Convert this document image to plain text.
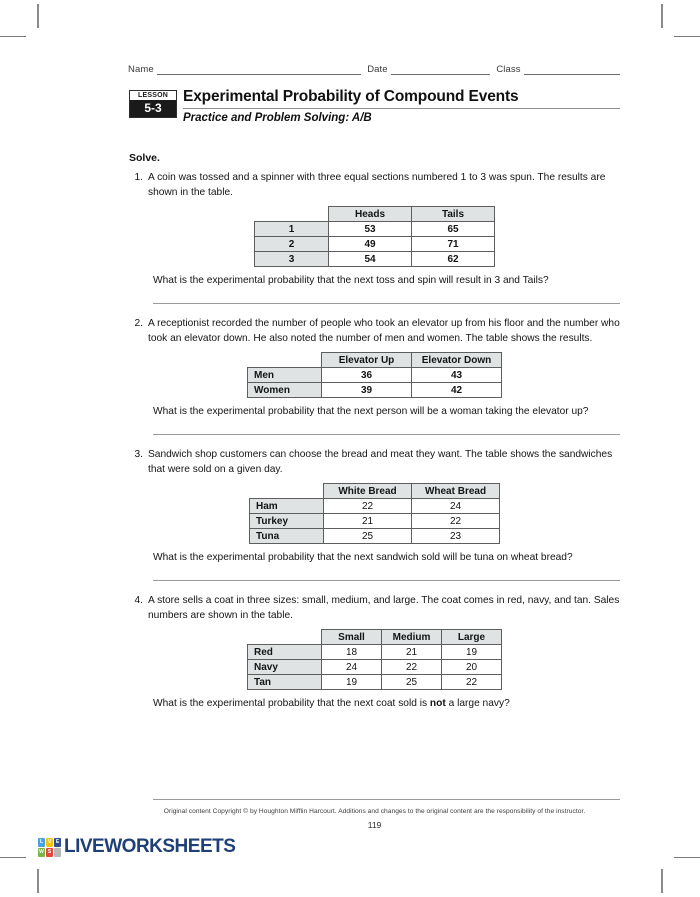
Name	Date	Class
LESSON
5-3
Experimental Probability of Compound Events
Practice and Problem Solving: A/B
Solve.
1. A coin was tossed and a spinner with three equal sections numbered 1 to 3 was spun. The results are shown in the table.
	Heads	Tails
1	53	65
2	49	71
3	54	62
What is the experimental probability that the next toss and spin will result in 3 and Tails?
2. A receptionist recorded the number of people who took an elevator up from his floor and the number who took an elevator down. He also noted the number of men and women. The table shows the results.
	Elevator Up	Elevator Down
Men	36	43
Women	39	42
What is the experimental probability that the next person will be a woman taking the elevator up?
3. Sandwich shop customers can choose the bread and meat they want. The table shows the sandwiches that were sold on a given day.
	White Bread	Wheat Bread
Ham	22	24
Turkey	21	22
Tuna	25	23
What is the experimental probability that the next sandwich sold will be tuna on wheat bread?
4. A store sells a coat in three sizes: small, medium, and large. The coat comes in red, navy, and tan. Sales numbers are shown in the table.
	Small	Medium	Large
Red	18	21	19
Navy	24	22	20
Tan	19	25	22
What is the experimental probability that the next coat sold is not a large navy?
Original content Copyright © by Houghton Mifflin Harcourt. Additions and changes to the original content are the responsibility of the instructor.
119
L V E
W S LIVEWORKSHEETS
